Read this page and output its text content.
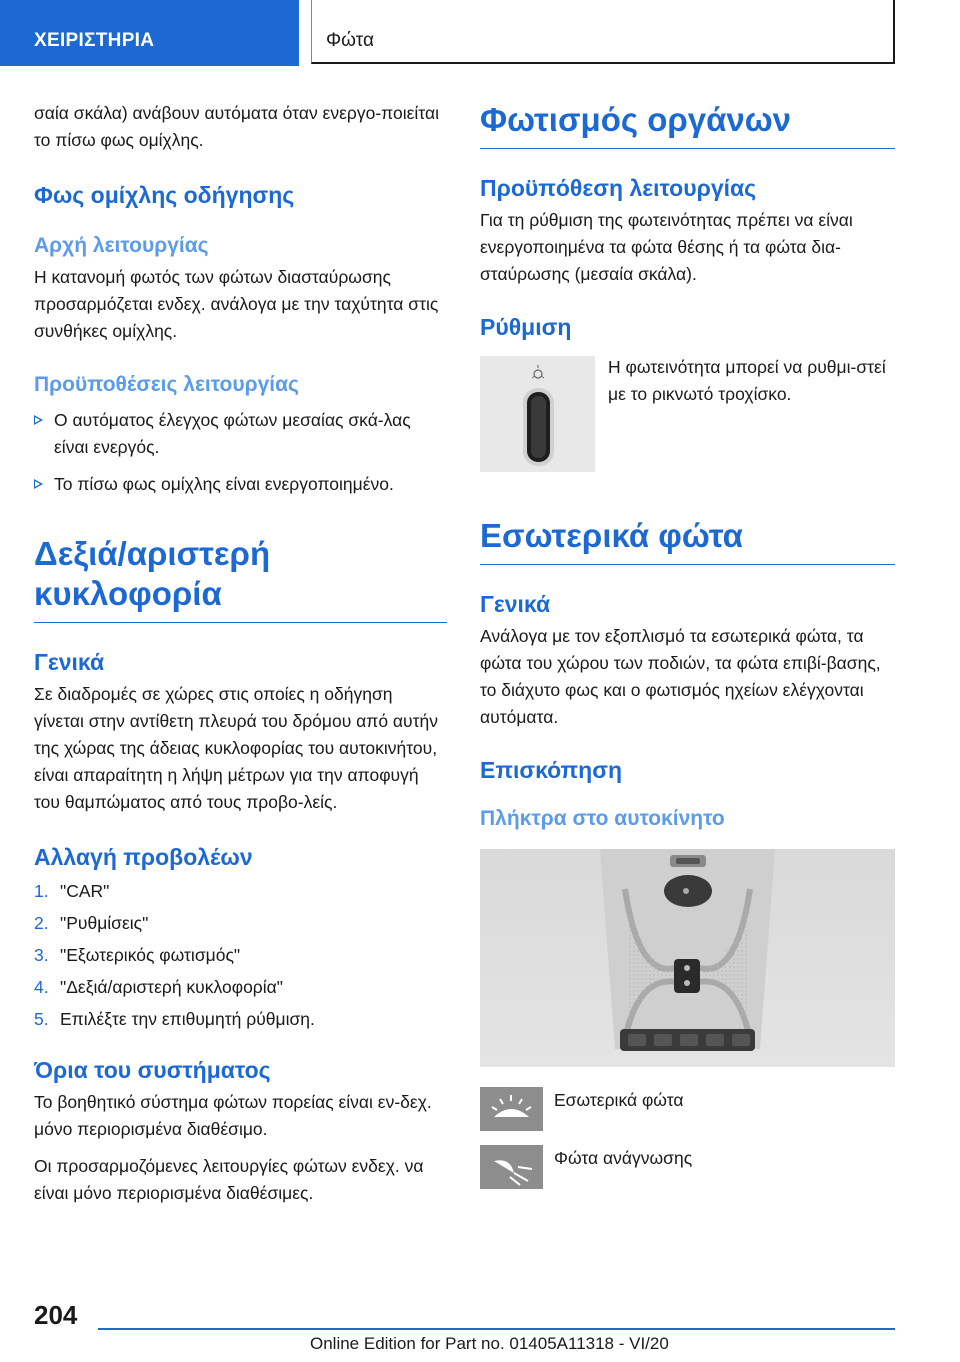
ΧΕΙΡΙΣΤΗΡΙΑ	Φώτα

σαία σκάλα) ανάβουν αυτόματα όταν ενεργο-ποιείται το πίσω φως ομίχλης.

Φως ομίχλης οδήγησης
Αρχή λειτουργίας

Η κατανομή φωτός των φώτων διασταύρωσης προσαρμόζεται ενδεχ. ανάλογα με την ταχύτητα στις συνθήκες ομίχλης.

Προϋποθέσεις λειτουργίας
Ο αυτόματος έλεγχος φώτων μεσαίας σκά-λας είναι ενεργός.
Το πίσω φως ομίχλης είναι ενεργοποιημένο.
Δεξιά/αριστερή κυκλοφορία
Γενικά

Σε διαδρομές σε χώρες στις οποίες η οδήγηση γίνεται στην αντίθετη πλευρά του δρόμου από αυτήν της χώρας της άδειας κυκλοφορίας του αυτοκινήτου, είναι απαραίτητη η λήψη μέτρων για την αποφυγή του θαμπώματος από τους προβο-λείς.

Αλλαγή προβολέων
1. "CAR"
2. "Ρυθμίσεις"
3. "Εξωτερικός φωτισμός"
4. "Δεξιά/αριστερή κυκλοφορία"
5. Επιλέξτε την επιθυμητή ρύθμιση.
Όρια του συστήματος

Το βοηθητικό σύστημα φώτων πορείας είναι εν-δεχ. μόνο περιορισμένα διαθέσιμο.

Οι προσαρμοζόμενες λειτουργίες φώτων ενδεχ. να είναι μόνο περιορισμένα διαθέσιμες.

Φωτισμός οργάνων
Προϋπόθεση λειτουργίας

Για τη ρύθμιση της φωτεινότητας πρέπει να είναι ενεργοποιημένα τα φώτα θέσης ή τα φώτα δια-σταύρωσης (μεσαία σκάλα).

Ρύθμιση

Η φωτεινότητα μπορεί να ρυθμι-στεί με το ρικνωτό τροχίσκο.

Εσωτερικά φώτα
Γενικά

Ανάλογα με τον εξοπλισμό τα εσωτερικά φώτα, τα φώτα του χώρου των ποδιών, τα φώτα επιβί-βασης, το διάχυτο φως και ο φωτισμός ηχείων ελέγχονται αυτόματα.

Επισκόπηση
Πλήκτρα στο αυτοκίνητο
Εσωτερικά φώτα
Φώτα ανάγνωσης
204
Online Edition for Part no. 01405A11318 - VI/20
